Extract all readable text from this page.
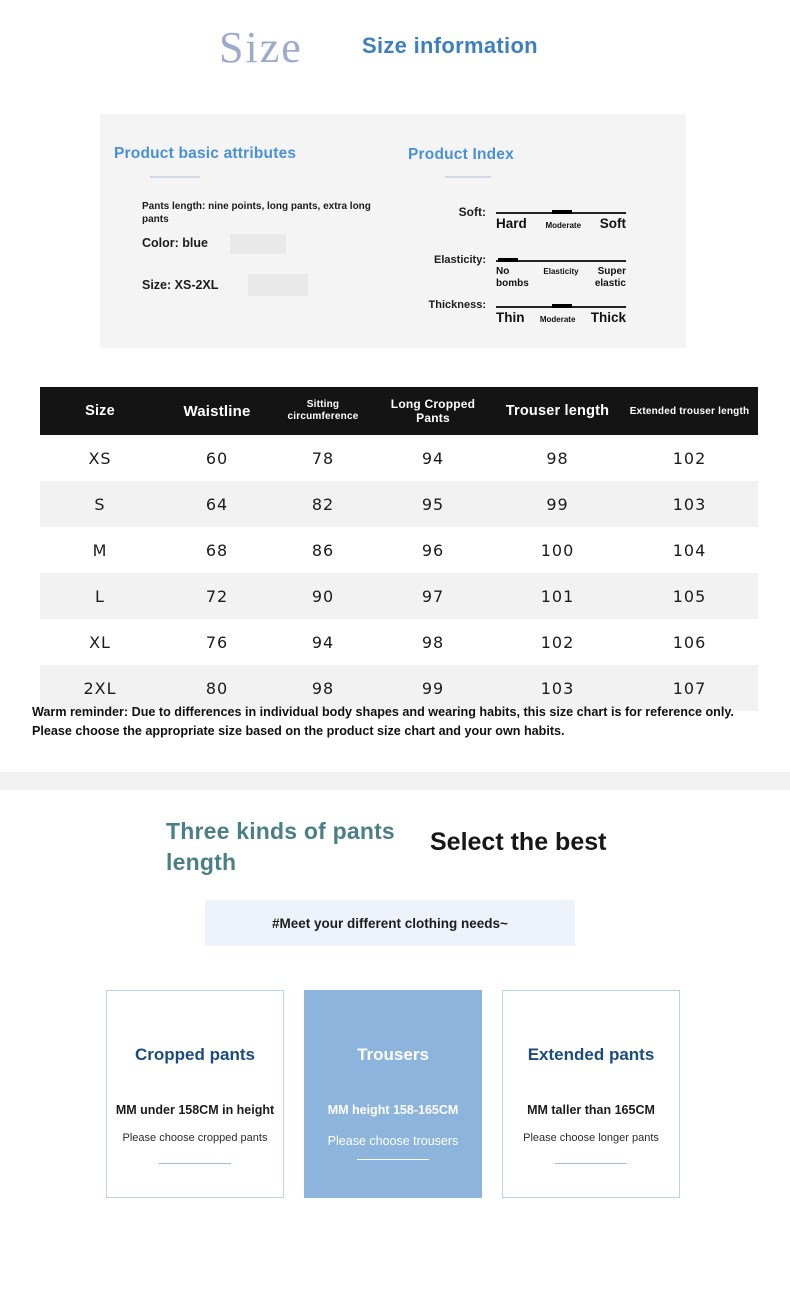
Size	Size information
Product basic attributes
Pants length: nine points, long pants, extra long pants
Color: blue
Size: XS-2XL
Product Index
Soft:
Hard Moderate Soft
Elasticity:
No bombs
Elasticity	Super elastic
Thickness:
Thin Moderate Thick
Size	Waistline	Sitting circumference	Long Cropped Pants	Trouser length	Extended trouser length
XS	60	78	94	98	102
S	64	82	95	99	103
M	68	86	96	100	104
L	72	90	97	101	105
XL	76	94	98	102	106
2XL	80	98	99	103	107
Warm reminder: Due to differences in individual body shapes and wearing habits, this size chart is for reference only. Please choose the appropriate size based on the product size chart and your own habits.
Three kinds of pants length
Select the best
#Meet your different clothing needs~
Cropped pants
MM under 158CM in height
Please choose cropped pants
Trousers
MM height 158-165CM
Please choose trousers
Extended pants
MM taller than 165CM
Please choose longer pants
